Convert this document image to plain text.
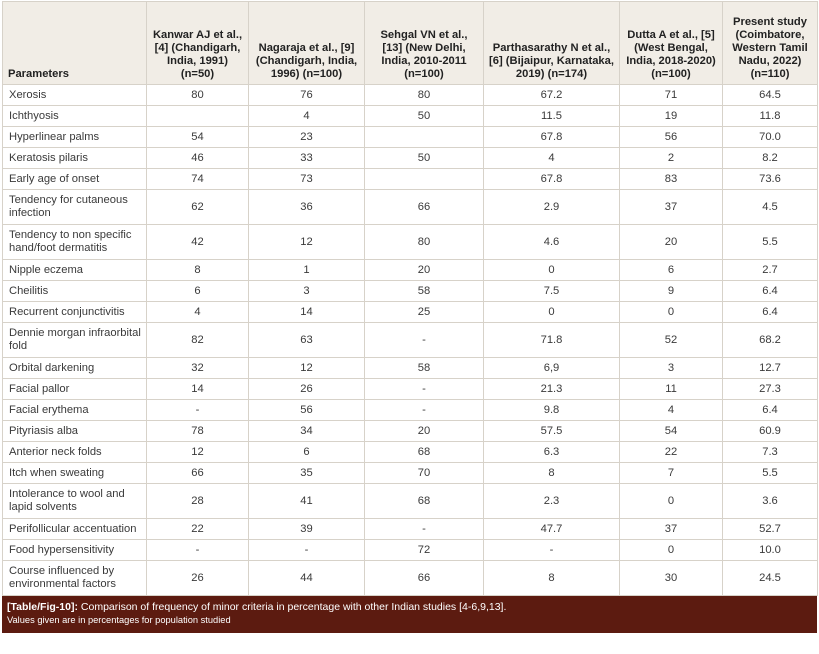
Parameters	Kanwar AJ et al., [4] (Chandigarh, India, 1991) (n=50)	Nagaraja et al., [9] (Chandigarh, India, 1996) (n=100)	Sehgal VN et al., [13] (New Delhi, India, 2010-2011 (n=100)	Parthasarathy N et al., [6] (Bijaipur, Karnataka, 2019) (n=174)	Dutta A et al., [5] (West Bengal, India, 2018-2020) (n=100)	Present study (Coimbatore, Western Tamil Nadu, 2022) (n=110)
Xerosis	80	76	80	67.2	71	64.5
Ichthyosis		4	50	11.5	19	11.8
Hyperlinear palms	54	23		67.8	56	70.0
Keratosis pilaris	46	33	50	4	2	8.2
Early age of onset	74	73		67.8	83	73.6
Tendency for cutaneous infection	62	36	66	2.9	37	4.5
Tendency to non specific hand/foot dermatitis	42	12	80	4.6	20	5.5
Nipple eczema	8	1	20	0	6	2.7
Cheilitis	6	3	58	7.5	9	6.4
Recurrent conjunctivitis	4	14	25	0	0	6.4
Dennie morgan infraorbital fold	82	63	-	71.8	52	68.2
Orbital darkening	32	12	58	6,9	3	12.7
Facial pallor	14	26	-	21.3	11	27.3
Facial erythema	-	56	-	9.8	4	6.4
Pityriasis alba	78	34	20	57.5	54	60.9
Anterior neck folds	12	6	68	6.3	22	7.3
Itch when sweating	66	35	70	8	7	5.5
Intolerance to wool and lapid solvents	28	41	68	2.3	0	3.6
Perifollicular accentuation	22	39	-	47.7	37	52.7
Food hypersensitivity	-	-	72	-	0	10.0
Course influenced by environmental factors	26	44	66	8	30	24.5
[Table/Fig-10]: Comparison of frequency of minor criteria in percentage with other Indian studies [4-6,9,13].
Values given are in percentages for population studied
